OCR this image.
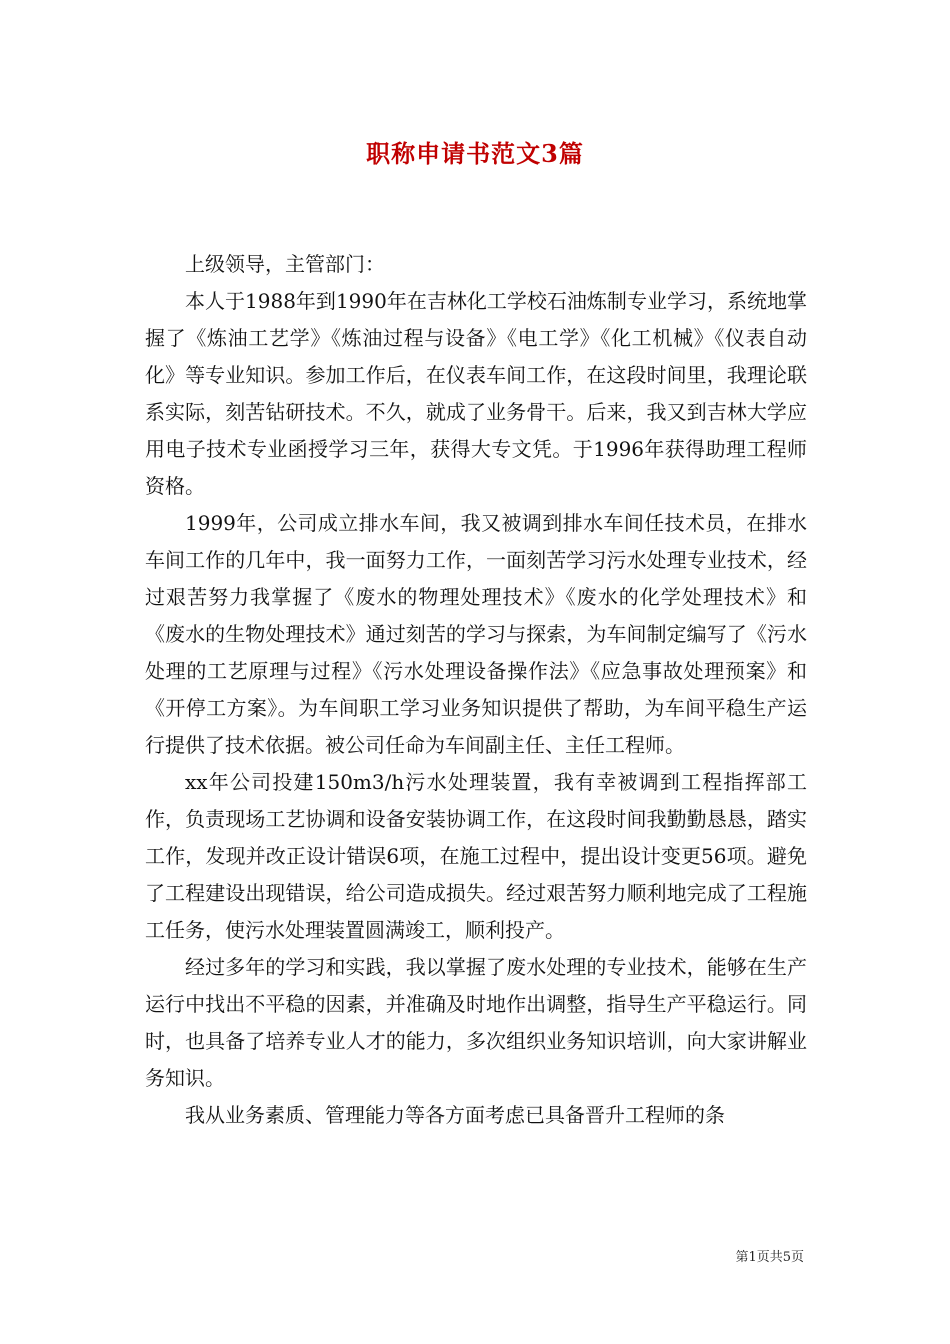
职称申请书范文3篇

上级领导，主管部门：

本人于1988年到1990年在吉林化工学校石油炼制专业学习，系统地掌握了《炼油工艺学》《炼油过程与设备》《电工学》《化工机械》《仪表自动化》等专业知识。参加工作后，在仪表车间工作，在这段时间里，我理论联系实际，刻苦钻研技术。不久，就成了业务骨干。后来，我又到吉林大学应用电子技术专业函授学习三年，获得大专文凭。于1996年获得助理工程师资格。

1999年，公司成立排水车间，我又被调到排水车间任技术员，在排水车间工作的几年中，我一面努力工作，一面刻苦学习污水处理专业技术，经过艰苦努力我掌握了《废水的物理处理技术》《废水的化学处理技术》和《废水的生物处理技术》通过刻苦的学习与探索，为车间制定编写了《污水处理的工艺原理与过程》《污水处理设备操作法》《应急事故处理预案》和《开停工方案》。为车间职工学习业务知识提供了帮助，为车间平稳生产运行提供了技术依据。被公司任命为车间副主任、主任工程师。

xx年公司投建150m3/h污水处理装置，我有幸被调到工程指挥部工作，负责现场工艺协调和设备安装协调工作，在这段时间我勤勤恳恳，踏实工作，发现并改正设计错误6项，在施工过程中，提出设计变更56项。避免了工程建设出现错误，给公司造成损失。经过艰苦努力顺利地完成了工程施工任务，使污水处理装置圆满竣工，顺利投产。

经过多年的学习和实践，我以掌握了废水处理的专业技术，能够在生产运行中找出不平稳的因素，并准确及时地作出调整，指导生产平稳运行。同时，也具备了培养专业人才的能力，多次组织业务知识培训，向大家讲解业务知识。

我从业务素质、管理能力等各方面考虑已具备晋升工程师的条

第1页共5页
